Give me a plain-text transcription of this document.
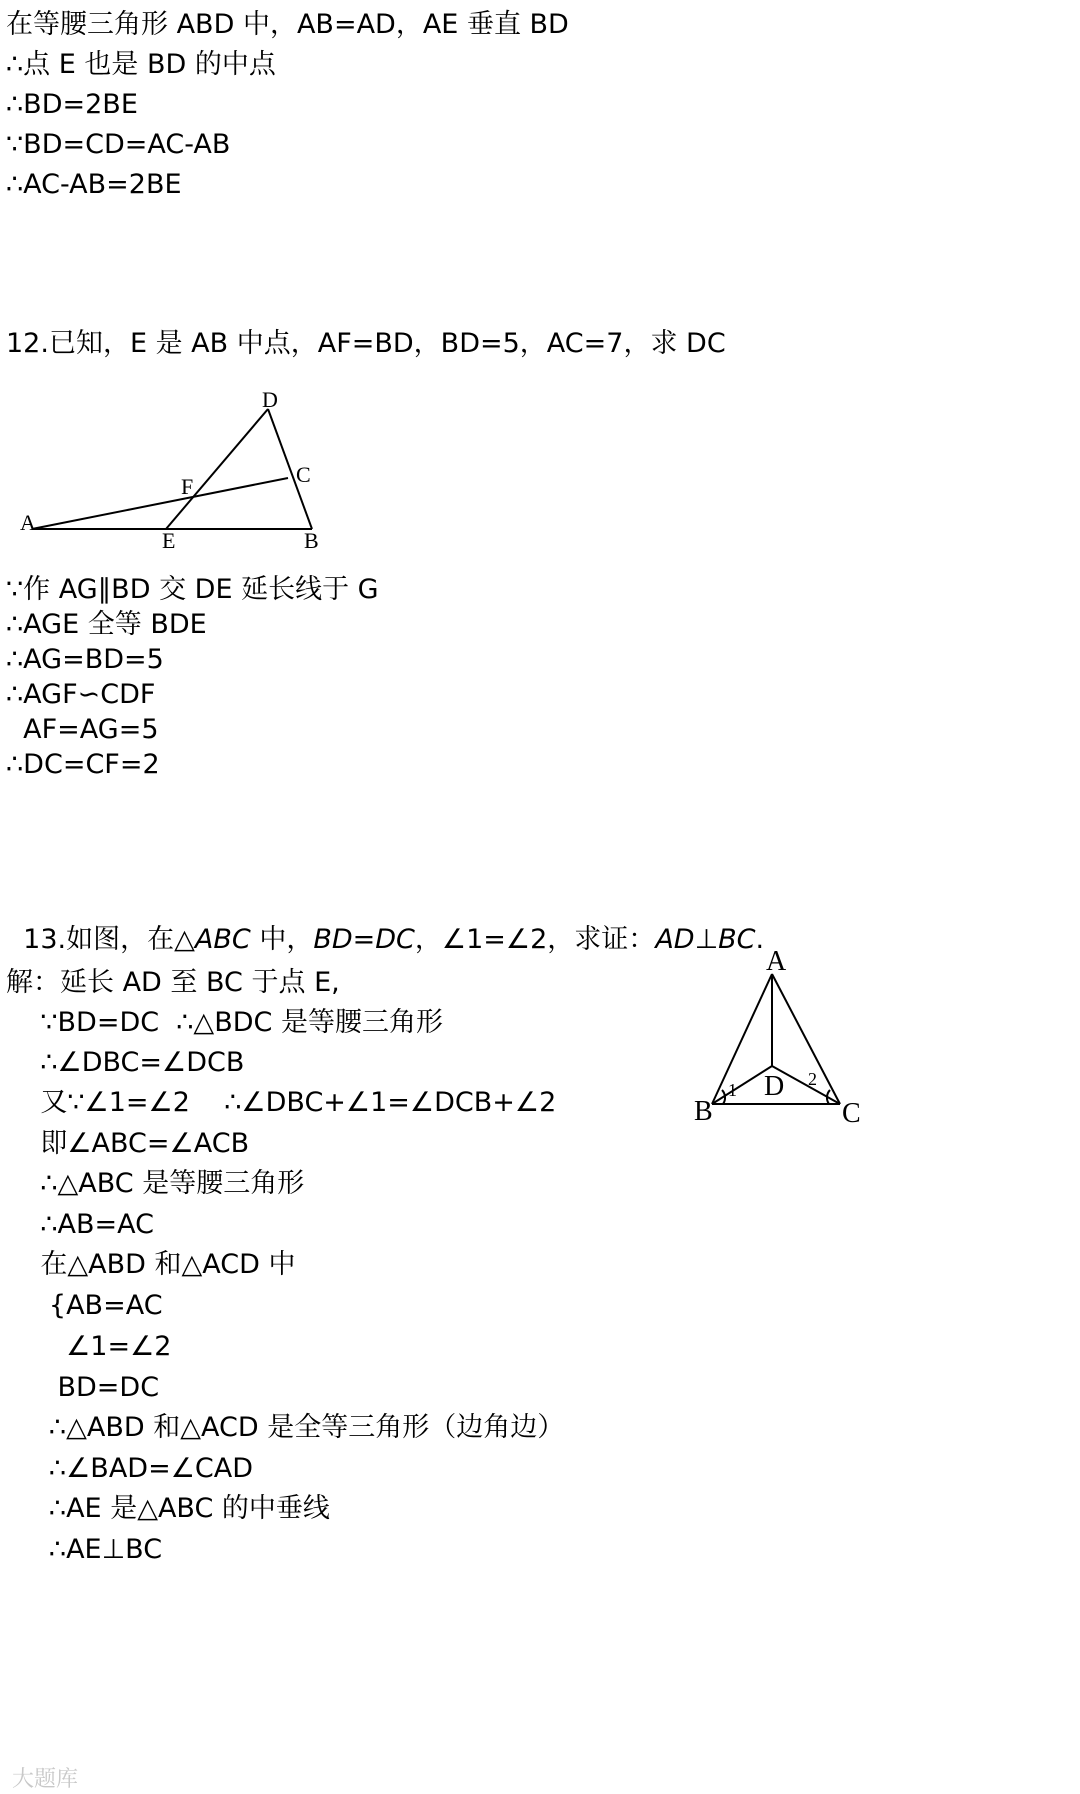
在等腰三角形 ABD 中，AB=AD，AE 垂直 BD
∴点 E 也是 BD 的中点
∴BD=2BE
∵BD=CD=AC-AB
∴AC-AB=2BE
12.已知，E 是 AB 中点，AF=BD，BD=5，AC=7，求 DC
A
E	B
C
D
F
∵作 AG∥BD 交 DE 延长线于 G
∴AGE 全等 BDE
∴AG=BD=5
∴AGF∽CDF
AF=AG=5
∴DC=CF=2

13.如图，在△ABC 中，BD=DC，∠1=∠2，求证：AD⊥BC.

A
B	C
D
1
2
解：延长 AD 至 BC 于点 E,
∵BD=DC  ∴△BDC 是等腰三角形
∴∠DBC=∠DCB
又∵∠1=∠2    ∴∠DBC+∠1=∠DCB+∠2
即∠ABC=∠ACB
∴△ABC 是等腰三角形
∴AB=AC
在△ABD 和△ACD 中
{AB=AC
∠1=∠2
BD=DC
∴△ABD 和△ACD 是全等三角形（边角边）
∴∠BAD=∠CAD
∴AE 是△ABC 的中垂线
∴AE⊥BC
大题库
